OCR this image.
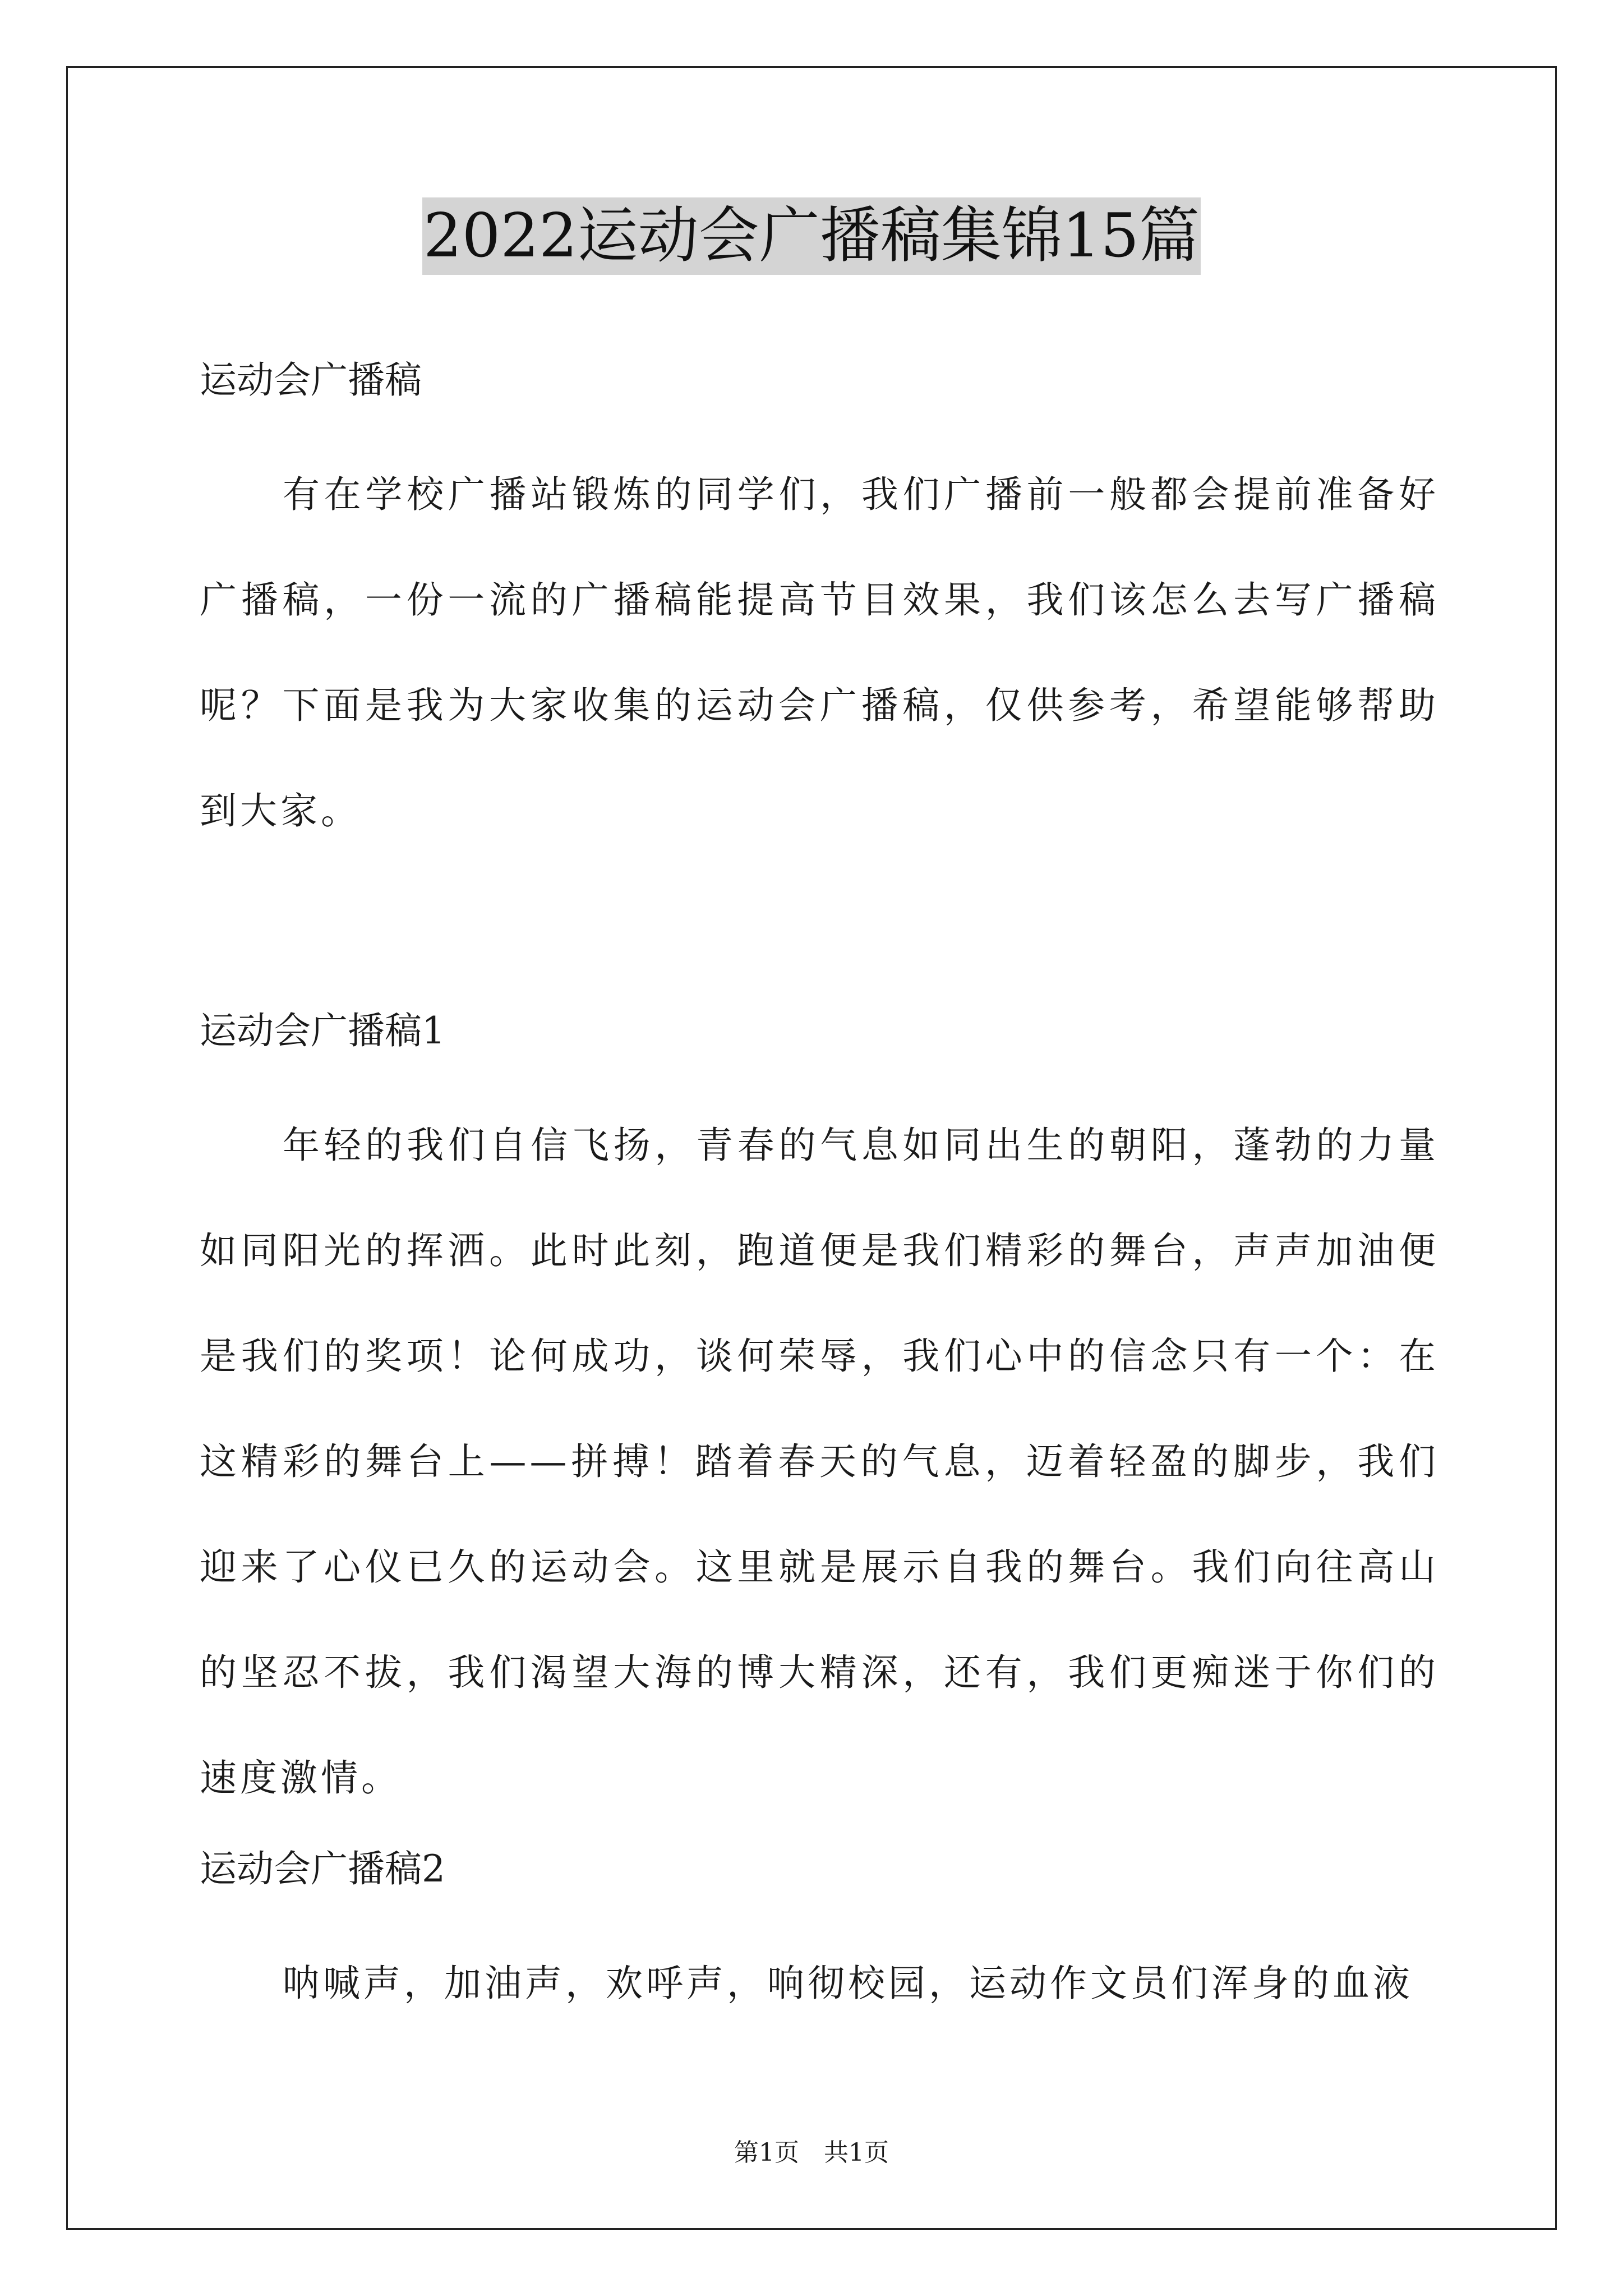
2022运动会广播稿集锦15篇

运动会广播稿

有在学校广播站锻炼的同学们，我们广播前一般都会提前准备好广播稿，一份一流的广播稿能提高节目效果，我们该怎么去写广播稿呢？下面是我为大家收集的运动会广播稿，仅供参考，希望能够帮助到大家。

运动会广播稿1

年轻的我们自信飞扬，青春的气息如同出生的朝阳，蓬勃的力量如同阳光的挥洒。此时此刻，跑道便是我们精彩的舞台，声声加油便是我们的奖项！论何成功，谈何荣辱，我们心中的信念只有一个：在这精彩的舞台上——拼搏！踏着春天的气息，迈着轻盈的脚步，我们迎来了心仪已久的运动会。这里就是展示自我的舞台。我们向往高山的坚忍不拔，我们渴望大海的博大精深，还有，我们更痴迷于你们的速度激情。

运动会广播稿2

呐喊声，加油声，欢呼声，响彻校园，运动作文员们浑身的血液

第1页　共1页
